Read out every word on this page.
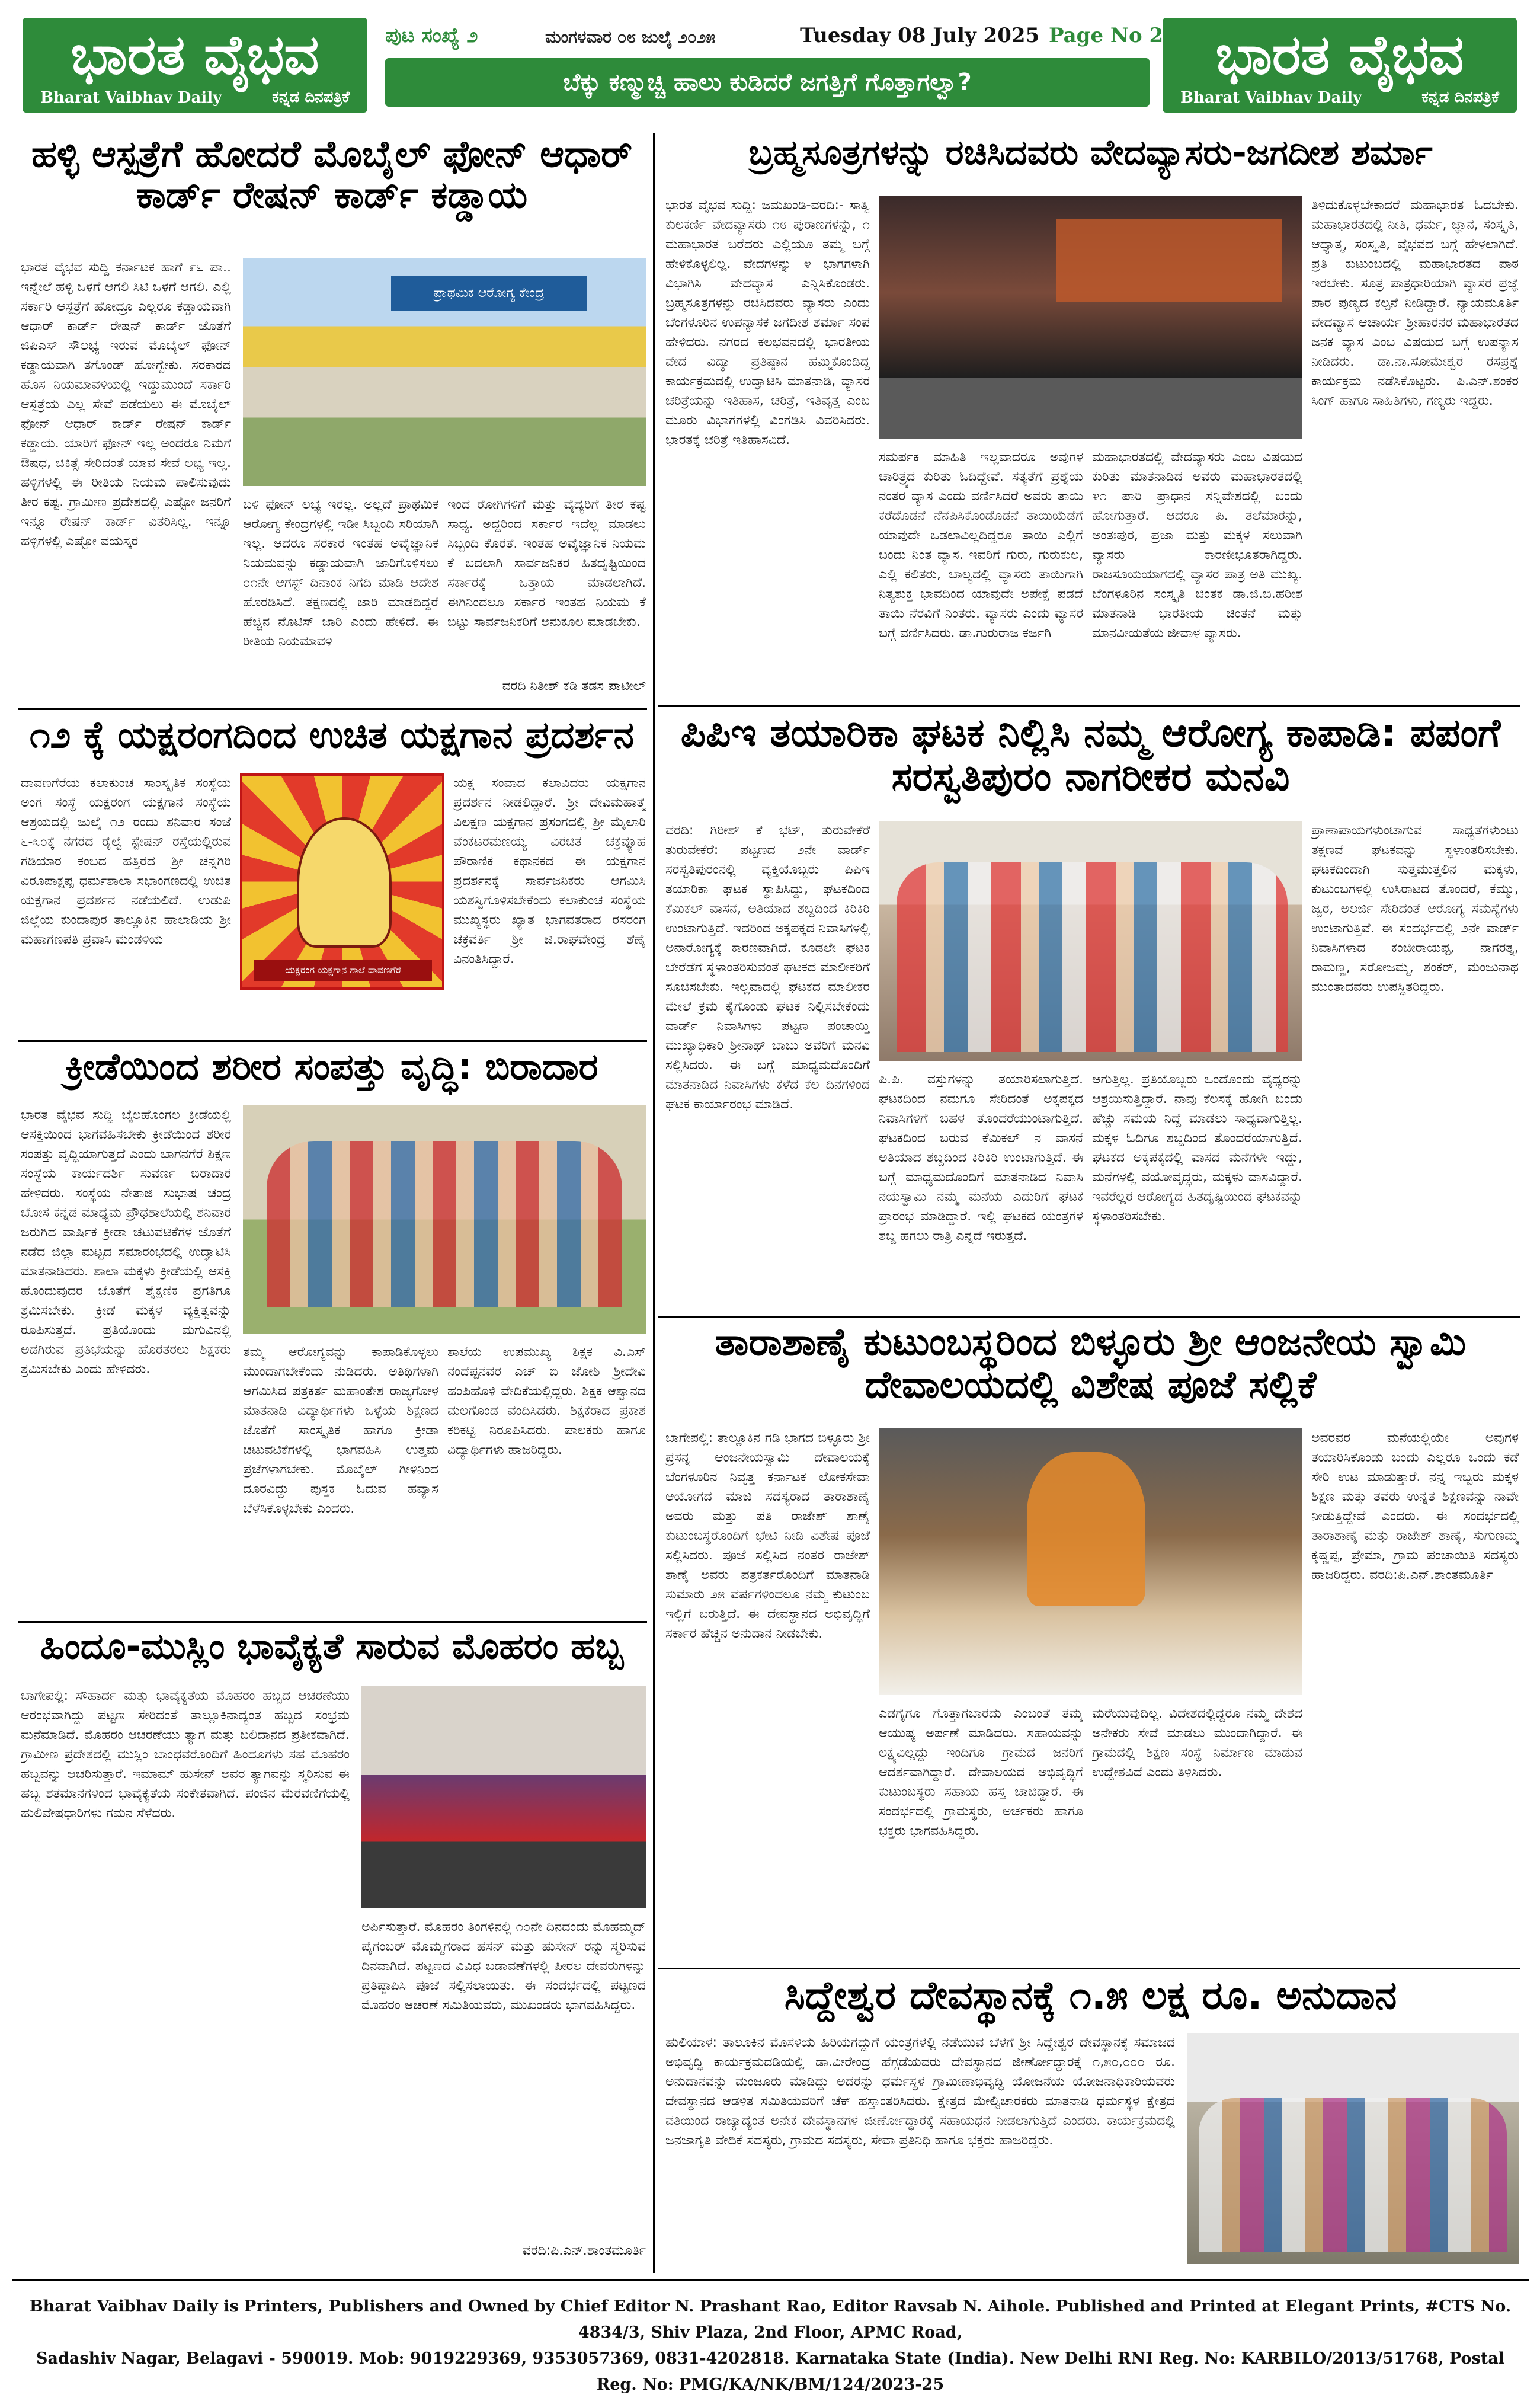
ಭಾರತ ವೈಭವ
Bharat Vaibhav Daily	ಕನ್ನಡ ದಿನಪತ್ರಿಕೆ
ಭಾರತ ವೈಭವ
Bharat Vaibhav Daily	ಕನ್ನಡ ದಿನಪತ್ರಿಕೆ
ಪುಟ ಸಂಖ್ಯೆ ೨	ಮಂಗಳವಾರ ೦೮ ಜುಲೈ ೨೦೨೫	Tuesday 08 July 2025 Page No 2
ಬೆಕ್ಕು ಕಣ್ಮುಚ್ಚಿ ಹಾಲು ಕುಡಿದರೆ ಜಗತ್ತಿಗೆ ಗೊತ್ತಾಗಲ್ವಾ?
ಹಳ್ಳಿ ಆಸ್ಪತ್ರೆಗೆ ಹೋದರೆ ಮೊಬೈಲ್ ಫೋನ್ ಆಧಾರ್ ಕಾರ್ಡ್ ರೇಷನ್ ಕಾರ್ಡ್ ಕಡ್ಡಾಯ
ಭಾರತ ವೈಭವ ಸುದ್ದಿ ಕರ್ನಾಟಕ ಹಾಗೆ ೯೬ ಪಾ.. ಇನ್ನೇಲೆ ಹಳ್ಳಿ ಒಳಗೆ ಆಗಲಿ ಸಿಟಿ ಒಳಗೆ ಆಗಲಿ. ಎಲ್ಲಿ ಸರ್ಕಾರಿ ಆಸ್ಪತ್ರೆಗೆ ಹೋದ್ರೂ ಎಲ್ಲರೂ ಕಡ್ಡಾಯವಾಗಿ ಆಧಾರ್ ಕಾರ್ಡ್ ರೇಷನ್ ಕಾರ್ಡ್ ಜೊತೆಗೆ ಜಿಪಿಎಸ್ ಸೌಲಭ್ಯ ಇರುವ ಮೊಬೈಲ್ ಫೋನ್ ಕಡ್ಡಾಯವಾಗಿ ತಗೊಂಡ್ ಹೋಗ್ಬೇಕು. ಸರಕಾರದ ಹೊಸ ನಿಯಮಾವಳಿಯಲ್ಲಿ ಇದ್ದುಮುಂದೆ ಸರ್ಕಾರಿ ಆಸ್ಪತ್ರೆಯ ಎಲ್ಲ ಸೇವೆ ಪಡೆಯಲು ಈ ಮೊಬೈಲ್ ಫೋನ್ ಆಧಾರ್ ಕಾರ್ಡ್ ರೇಷನ್ ಕಾರ್ಡ್ ಕಡ್ಡಾಯ. ಯಾರಿಗೆ ಫೋನ್ ಇಲ್ಲ ಅಂದರೂ ನಿಮಗೆ ಔಷಧ, ಚಿಕಿತ್ಸೆ ಸೇರಿದಂತೆ ಯಾವ ಸೇವೆ ಲಭ್ಯ ಇಲ್ಲ. ಹಳ್ಳಿಗಳಲ್ಲಿ ಈ ರೀತಿಯ ನಿಯಮ ಪಾಲಿಸುವುದು ತೀರ ಕಷ್ಟ. ಗ್ರಾಮೀಣ ಪ್ರದೇಶದಲ್ಲಿ ಎಷ್ಟೋ ಜನರಿಗೆ ಇನ್ನೂ ರೇಷನ್ ಕಾರ್ಡ್ ವಿತರಿಸಿಲ್ಲ. ಇನ್ನೂ ಹಳ್ಳಿಗಳಲ್ಲಿ ಎಷ್ಟೋ ವಯಸ್ಕರ
ಪ್ರಾಥಮಿಕ ಆರೋಗ್ಯ ಕೇಂದ್ರ
ಬಳಿ ಫೋನ್ ಲಭ್ಯ ಇರಲ್ಲ. ಅಲ್ಲದೆ ಪ್ರಾಥಮಿಕ ಆರೋಗ್ಯ ಕೇಂದ್ರಗಳಲ್ಲಿ ಇಡೀ ಸಿಬ್ಬಂದಿ ಸರಿಯಾಗಿ ಇಲ್ಲ. ಆದರೂ ಸರಕಾರ ಇಂತಹ ಅವೈಜ್ಞಾನಿಕ ನಿಯಮವನ್ನು ಕಡ್ಡಾಯವಾಗಿ ಜಾರಿಗೊಳಿಸಲು ೦೧ನೇ ಆಗಸ್ಟ್ ದಿನಾಂಕ ನಿಗದಿ ಮಾಡಿ ಆದೇಶ ಹೊರಡಿಸಿದೆ. ತಕ್ಷಣದಲ್ಲಿ ಜಾರಿ ಮಾಡದಿದ್ದರೆ ಹೆಚ್ಚಿನ ನೊಟಿಸ್ ಜಾರಿ ಎಂದು ಹೇಳಿದೆ. ಈ ರೀತಿಯ ನಿಯಮಾವಳಿ
ಇಂದ ರೋಗಿಗಳಿಗೆ ಮತ್ತು ವೈದ್ಯರಿಗೆ ತೀರ ಕಷ್ಟ ಸಾಧ್ಯ. ಅದ್ದರಿಂದ ಸರ್ಕಾರ ಇದೆಲ್ಲ ಮಾಡಲು ಸಿಬ್ಬಂದಿ ಕೊರತೆ. ಇಂತಹ ಅವೈಜ್ಞಾನಿಕ ನಿಯಮ ಕೆ ಬದಲಾಗಿ ಸಾರ್ವಜನಿಕರ ಹಿತದೃಷ್ಟಿಯಿಂದ ಸರ್ಕಾರಕ್ಕೆ ಒತ್ತಾಯ ಮಾಡಲಾಗಿದೆ. ಈಗಿನಿಂದಲೂ ಸರ್ಕಾರ ಇಂತಹ ನಿಯಮ ಕೆ ಬಿಟ್ಟು ಸಾರ್ವಜನಿಕರಿಗೆ ಅನುಕೂಲ ಮಾಡಬೇಕು.
ವರದಿ ನಿತೀಶ್ ಕಡಿ ತಡಸ ಪಾಟೀಲ್
೧೨ ಕ್ಕೆ ಯಕ್ಷರಂಗದಿಂದ ಉಚಿತ ಯಕ್ಷಗಾನ ಪ್ರದರ್ಶನ
ದಾವಣಗೆರೆಯ ಕಲಾಕುಂಚ ಸಾಂಸ್ಕೃತಿಕ ಸಂಸ್ಥೆಯ ಅಂಗ ಸಂಸ್ಥೆ ಯಕ್ಷರಂಗ ಯಕ್ಷಗಾನ ಸಂಸ್ಥೆಯ ಆಶ್ರಯದಲ್ಲಿ ಜುಲೈ ೧೨ ರಂದು ಶನಿವಾರ ಸಂಜೆ ೬-೩೦ಕ್ಕೆ ನಗರದ ರೈಲ್ವೆ ಸ್ಟೇಷನ್ ರಸ್ತೆಯಲ್ಲಿರುವ ಗಡಿಯಾರ ಕಂಬದ ಹತ್ತಿರದ ಶ್ರೀ ಚನ್ನಗಿರಿ ವಿರೂಪಾಕ್ಷಪ್ಪ ಧರ್ಮಶಾಲಾ ಸಭಾಂಗಣದಲ್ಲಿ ಉಚಿತ ಯಕ್ಷಗಾನ ಪ್ರದರ್ಶನ ನಡೆಯಲಿದೆ. ಉಡುಪಿ ಜಿಲ್ಲೆಯ ಕುಂದಾಪುರ ತಾಲ್ಲೂಕಿನ ಹಾಲಾಡಿಯ ಶ್ರೀ ಮಹಾಗಣಪತಿ ಪ್ರವಾಸಿ ಮಂಡಳಿಯ
ಯಕ್ಷರಂಗ ಯಕ್ಷಗಾನ ಶಾಲೆ ದಾವಣಗೆರೆ
ಯಕ್ಷ ಸಂವಾದ ಕಲಾವಿದರು ಯಕ್ಷಗಾನ ಪ್ರದರ್ಶನ ನೀಡಲಿದ್ದಾರೆ. ಶ್ರೀ ದೇವಿಮಹಾತ್ಮೆ ವಿಲಕ್ಷಣ ಯಕ್ಷಗಾನ ಪ್ರಸಂಗದಲ್ಲಿ ಶ್ರೀ ಮೈಲಾರಿ ವೆಂಕಟರಮಣಯ್ಯ ವಿರಚಿತ ಚಕ್ರವ್ಯೂಹ ಪೌರಾಣಿಕ ಕಥಾನಕದ ಈ ಯಕ್ಷಗಾನ ಪ್ರದರ್ಶನಕ್ಕೆ ಸಾರ್ವಜನಿಕರು ಆಗಮಿಸಿ ಯಶಸ್ವಿಗೊಳಿಸಬೇಕೆಂದು ಕಲಾಕುಂಚ ಸಂಸ್ಥೆಯ ಮುಖ್ಯಸ್ಥರು ಖ್ಯಾತ ಭಾಗವತರಾದ ರಸರಂಗ ಚಕ್ರವರ್ತಿ ಶ್ರೀ ಜಿ.ರಾಘವೇಂದ್ರ ಶೆಣೈ ವಿನಂತಿಸಿದ್ದಾರೆ.
ಕ್ರೀಡೆಯಿಂದ ಶರೀರ ಸಂಪತ್ತು ವೃದ್ಧಿ: ಬಿರಾದಾರ
ಭಾರತ ವೈಭವ ಸುದ್ದಿ ಬೈಲಹೊಂಗಲ ಕ್ರೀಡೆಯಲ್ಲಿ ಆಸಕ್ತಿಯಿಂದ ಭಾಗವಹಿಸಬೇಕು ಕ್ರೀಡೆಯಿಂದ ಶರೀರ ಸಂಪತ್ತು ವೃದ್ಧಿಯಾಗುತ್ತದೆ ಎಂದು ಬಾಗನಗೆರೆ ಶಿಕ್ಷಣ ಸಂಸ್ಥೆಯ ಕಾರ್ಯದರ್ಶಿ ಸುವರ್ಣ ಬಿರಾದಾರ ಹೇಳಿದರು. ಸಂಸ್ಥೆಯ ನೇತಾಜಿ ಸುಭಾಷ ಚಂದ್ರ ಬೋಸ ಕನ್ನಡ ಮಾಧ್ಯಮ ಪ್ರೌಢಶಾಲೆಯಲ್ಲಿ ಶನಿವಾರ ಜರುಗಿದ ವಾರ್ಷಿಕ ಕ್ರೀಡಾ ಚಟುವಟಿಕೆಗಳ ಜೊತೆಗೆ ನಡೆದ ಜಿಲ್ಲಾ ಮಟ್ಟದ ಸಮಾರಂಭದಲ್ಲಿ ಉದ್ಘಾಟಿಸಿ ಮಾತನಾಡಿದರು. ಶಾಲಾ ಮಕ್ಕಳು ಕ್ರೀಡೆಯಲ್ಲಿ ಆಸಕ್ತಿ ಹೊಂದುವುದರ ಜೊತೆಗೆ ಶೈಕ್ಷಣಿಕ ಪ್ರಗತಿಗೂ ಶ್ರಮಿಸಬೇಕು. ಕ್ರೀಡೆ ಮಕ್ಕಳ ವ್ಯಕ್ತಿತ್ವವನ್ನು ರೂಪಿಸುತ್ತದೆ. ಪ್ರತಿಯೊಂದು ಮಗುವಿನಲ್ಲಿ ಅಡಗಿರುವ ಪ್ರತಿಭೆಯನ್ನು ಹೊರತರಲು ಶಿಕ್ಷಕರು ಶ್ರಮಿಸಬೇಕು ಎಂದು ಹೇಳಿದರು.
ತಮ್ಮ ಆರೋಗ್ಯವನ್ನು ಕಾಪಾಡಿಕೊಳ್ಳಲು ಮುಂದಾಗಬೇಕೆಂದು ನುಡಿದರು. ಅತಿಥಿಗಳಾಗಿ ಆಗಮಿಸಿದ ಪತ್ರಕರ್ತ ಮಹಾಂತೇಶ ರಾಜ್ಯಗೋಳ ಮಾತನಾಡಿ ವಿದ್ಯಾರ್ಥಿಗಳು ಒಳ್ಳೆಯ ಶಿಕ್ಷಣದ ಜೊತೆಗೆ ಸಾಂಸ್ಕೃತಿಕ ಹಾಗೂ ಕ್ರೀಡಾ ಚಟುವಟಿಕೆಗಳಲ್ಲಿ ಭಾಗವಹಿಸಿ ಉತ್ತಮ ಪ್ರಜೆಗಳಾಗಬೇಕು. ಮೊಬೈಲ್ ಗೀಳಿನಿಂದ ದೂರವಿದ್ದು ಪುಸ್ತಕ ಓದುವ ಹವ್ಯಾಸ ಬೆಳೆಸಿಕೊಳ್ಳಬೇಕು ಎಂದರು.
ಶಾಲೆಯ ಉಪಮುಖ್ಯ ಶಿಕ್ಷಕ ವಿ.ಎಸ್ ನಂದೆಪ್ಪನವರ ಎಚ್ ಬಿ ಜೋಶಿ ಶ್ರೀದೇವಿ ಹಂಪಿಹೊಳಿ ವೇದಿಕೆಯಲ್ಲಿದ್ದರು. ಶಿಕ್ಷಕ ಆಶ್ವಾನದ ಮಲಗೊಂಡ ವಂದಿಸಿದರು. ಶಿಕ್ಷಕರಾದ ಪ್ರಕಾಶ ಕರಿಕಟ್ಟಿ ನಿರೂಪಿಸಿದರು. ಪಾಲಕರು ಹಾಗೂ ವಿದ್ಯಾರ್ಥಿಗಳು ಹಾಜರಿದ್ದರು.
ಹಿಂದೂ-ಮುಸ್ಲಿಂ ಭಾವೈಕ್ಯತೆ ಸಾರುವ ಮೊಹರಂ ಹಬ್ಬ
ಬಾಗೇಪಲ್ಲಿ: ಸೌಹಾರ್ದ ಮತ್ತು ಭಾವೈಕ್ಯತೆಯ ಮೊಹರಂ ಹಬ್ಬದ ಆಚರಣೆಯು ಆರಂಭವಾಗಿದ್ದು ಪಟ್ಟಣ ಸೇರಿದಂತೆ ತಾಲ್ಲೂಕಿನಾದ್ಯಂತ ಹಬ್ಬದ ಸಂಭ್ರಮ ಮನೆಮಾಡಿದೆ. ಮೊಹರಂ ಆಚರಣೆಯು ತ್ಯಾಗ ಮತ್ತು ಬಲಿದಾನದ ಪ್ರತೀಕವಾಗಿದೆ. ಗ್ರಾಮೀಣ ಪ್ರದೇಶದಲ್ಲಿ ಮುಸ್ಲಿಂ ಬಾಂಧವರೊಂದಿಗೆ ಹಿಂದೂಗಳು ಸಹ ಮೊಹರಂ ಹಬ್ಬವನ್ನು ಆಚರಿಸುತ್ತಾರೆ. ಇಮಾಮ್ ಹುಸೇನ್ ಅವರ ತ್ಯಾಗವನ್ನು ಸ್ಮರಿಸುವ ಈ ಹಬ್ಬ ಶತಮಾನಗಳಿಂದ ಭಾವೈಕ್ಯತೆಯ ಸಂಕೇತವಾಗಿದೆ. ಪಂಜಿನ ಮೆರವಣಿಗೆಯಲ್ಲಿ ಹುಲಿವೇಷಧಾರಿಗಳು ಗಮನ ಸೆಳೆದರು.
ಅರ್ಪಿಸುತ್ತಾರೆ. ಮೊಹರಂ ತಿಂಗಳಿನಲ್ಲಿ ೧೦ನೇ ದಿನದಂದು ಮೊಹಮ್ಮದ್ ಪೈಗಂಬರ್ ಮೊಮ್ಮಗರಾದ ಹಸನ್ ಮತ್ತು ಹುಸೇನ್ ರನ್ನು ಸ್ಮರಿಸುವ ದಿನವಾಗಿದೆ. ಪಟ್ಟಣದ ವಿವಿಧ ಬಡಾವಣೆಗಳಲ್ಲಿ ಪೀರಲ ದೇವರುಗಳನ್ನು ಪ್ರತಿಷ್ಠಾಪಿಸಿ ಪೂಜೆ ಸಲ್ಲಿಸಲಾಯಿತು. ಈ ಸಂದರ್ಭದಲ್ಲಿ ಪಟ್ಟಣದ ಮೊಹರಂ ಆಚರಣೆ ಸಮಿತಿಯವರು, ಮುಖಂಡರು ಭಾಗವಹಿಸಿದ್ದರು.
ವರದಿ:ಪಿ.ಎನ್.ಶಾಂತಮೂರ್ತಿ
ಬ್ರಹ್ಮಸೂತ್ರಗಳನ್ನು ರಚಿಸಿದವರು ವೇದವ್ಯಾಸರು-ಜಗದೀಶ ಶರ್ಮಾ
ಭಾರತ ವೈಭವ ಸುದ್ದಿ: ಜಮಖಂಡಿ-ವರದಿ:- ಸಾತ್ವಿ ಕುಲಕರ್ಣಿ ವೇದವ್ಯಾಸರು ೧೮ ಪುರಾಣಗಳನ್ನು, ೧ ಮಹಾಭಾರತ ಬರೆದರು ಎಲ್ಲಿಯೂ ತಮ್ಮ ಬಗ್ಗೆ ಹೇಳಿಕೊಳ್ಳಲಿಲ್ಲ. ವೇದಗಳನ್ನು ೪ ಭಾಗಗಳಾಗಿ ವಿಭಾಗಿಸಿ ವೇದವ್ಯಾಸ ಎನ್ನಿಸಿಕೊಂಡರು. ಬ್ರಹ್ಮಸೂತ್ರಗಳನ್ನು ರಚಿಸಿದವರು ವ್ಯಾಸರು ಎಂದು ಬೆಂಗಳೂರಿನ ಉಪನ್ಯಾಸಕ ಜಗದೀಶ ಶರ್ಮಾ ಸಂಪ ಹೇಳಿದರು. ನಗರದ ಕಲಭವನದಲ್ಲಿ ಭಾರತೀಯ ವೇದ ವಿದ್ಯಾ ಪ್ರತಿಷ್ಠಾನ ಹಮ್ಮಿಕೊಂಡಿದ್ದ ಕಾರ್ಯಕ್ರಮದಲ್ಲಿ ಉದ್ಘಾಟಿಸಿ ಮಾತನಾಡಿ, ವ್ಯಾಸರ ಚರಿತ್ರೆಯನ್ನು ಇತಿಹಾಸ, ಚರಿತ್ರೆ, ಇತಿವೃತ್ತ ಎಂಬ ಮೂರು ವಿಭಾಗಗಳಲ್ಲಿ ವಿಂಗಡಿಸಿ ವಿವರಿಸಿದರು. ಭಾರತಕ್ಕೆ ಚರಿತ್ರೆ ಇತಿಹಾಸವಿದೆ.
ಸಮರ್ಪಕ ಮಾಹಿತಿ ಇಲ್ಲವಾದರೂ ಅವುಗಳ ಚಾರಿತ್ರ್ಯದ ಕುರಿತು ಓದಿದ್ದೇವೆ. ಸತ್ಯತೆಗೆ ಪ್ರಶ್ನೆಯ ನಂತರ ವ್ಯಾಸ ಎಂದು ವರ್ಣಿಸಿದರೆ ಅವರು ತಾಯಿ ಕರೆದೊಡನೆ ನೆನೆಪಿಸಿಕೊಂಡೊಡನೆ ತಾಯಿಯೆಡೆಗೆ ಯಾವುದೇ ಒಡಲಾವಿಲ್ಲದಿದ್ದರೂ ತಾಯಿ ಎಲ್ಲಿಗೆ ಬಂದು ನಿಂತ ವ್ಯಾಸ. ಇವರಿಗೆ ಗುರು, ಗುರುಕುಲ, ಎಲ್ಲಿ ಕಲಿತರು, ಬಾಲ್ಯದಲ್ಲಿ ವ್ಯಾಸರು ತಾಯಿಗಾಗಿ ನಿತ್ಯಶುಕ್ತ ಭಾವದಿಂದ ಯಾವುದೇ ಅಪೇಕ್ಷೆ ಪಡದೆ ತಾಯಿ ನೆರವಿಗೆ ನಿಂತರು. ವ್ಯಾಸರು ಎಂದು ವ್ಯಾಸರ ಬಗ್ಗೆ ವರ್ಣಿಸಿದರು. ಡಾ.ಗುರುರಾಜ ಕರ್ಜಗಿ
ಮಹಾಭಾರತದಲ್ಲಿ ವೇದವ್ಯಾಸರು ಎಂಬ ವಿಷಯದ ಕುರಿತು ಮಾತನಾಡಿದ ಅವರು ಮಹಾಭಾರತದಲ್ಲಿ ೪೧ ಪಾರಿ ಪ್ರಾಧಾನ ಸನ್ನಿವೇಶದಲ್ಲಿ ಬಂದು ಹೋಗುತ್ತಾರೆ. ಆದರೂ ಪಿ. ತಲೆಮಾರನ್ನು, ಅಂತಃಪುರ, ಪ್ರಜಾ ಮತ್ತು ಮಕ್ಕಳ ಸಲುವಾಗಿ ವ್ಯಾಸರು ಕಾರಣೀಭೂತರಾಗಿದ್ದರು. ರಾಜಸೂಯಯಾಗದಲ್ಲಿ ವ್ಯಾಸರ ಪಾತ್ರ ಅತಿ ಮುಖ್ಯ. ಬೆಂಗಳೂರಿನ ಸಂಸ್ಕೃತಿ ಚಿಂತಕ ಡಾ.ಜಿ.ಬಿ.ಹರೀಶ ಮಾತನಾಡಿ ಭಾರತೀಯ ಚಿಂತನೆ ಮತ್ತು ಮಾನವೀಯತೆಯ ಜೀವಾಳ ವ್ಯಾಸರು.
ತಿಳಿದುಕೊಳ್ಳಬೇಕಾದರೆ ಮಹಾಭಾರತ ಓದಬೇಕು. ಮಹಾಭಾರತದಲ್ಲಿ ನೀತಿ, ಧರ್ಮ, ಜ್ಞಾನ, ಸಂಸ್ಕೃತಿ, ಆಧ್ಯಾತ್ಮ, ಸಂಸ್ಕೃತಿ, ವೈಭವದ ಬಗ್ಗೆ ಹೇಳಲಾಗಿದೆ. ಪ್ರತಿ ಕುಟುಂಬದಲ್ಲಿ ಮಹಾಭಾರತದ ಪಾಠ ಇರಬೇಕು. ಸೂತ್ರ ಪಾತ್ರಧಾರಿಯಾಗಿ ವ್ಯಾಸರ ಪ್ರಜ್ಞೆ ಪಾರ ಪುಣ್ಯದ ಕಲ್ಪನೆ ನೀಡಿದ್ದಾರೆ. ನ್ಯಾಯಮೂರ್ತಿ ವೇದವ್ಯಾಸ ಆಚಾರ್ಯ ಶ್ರೀಹಾರನರ ಮಹಾಭಾರತದ ಜನಕ ವ್ಯಾಸ ಎಂಬ ವಿಷಯದ ಬಗ್ಗೆ ಉಪನ್ಯಾಸ ನೀಡಿದರು. ಡಾ.ನಾ.ಸೋಮೇಶ್ವರ ರಸಪ್ರಶ್ನೆ ಕಾರ್ಯಕ್ರಮ ನಡೆಸಿಕೊಟ್ಟರು. ಪಿ.ಎನ್.ಶಂಕರ ಸಿಂಗ್ ಹಾಗೂ ಸಾಹಿತಿಗಳು, ಗಣ್ಯರು ಇದ್ದರು.
ಪಿಪಿಇ ತಯಾರಿಕಾ ಘಟಕ ನಿಲ್ಲಿಸಿ ನಮ್ಮ ಆರೋಗ್ಯ ಕಾಪಾಡಿ: ಪಪಂಗೆ ಸರಸ್ವತಿಪುರಂ ನಾಗರೀಕರ ಮನವಿ
ವರದಿ: ಗಿರೀಶ್ ಕೆ ಭಟ್, ತುರುವೇಕೆರೆ ತುರುವೇಕೆರೆ: ಪಟ್ಟಣದ ೨ನೇ ವಾರ್ಡ್ ಸರಸ್ವತಿಪುರಂನಲ್ಲಿ ವ್ಯಕ್ತಿಯೊಬ್ಬರು ಪಿಪಿಇ ತಯಾರಿಕಾ ಘಟಕ ಸ್ಥಾಪಿಸಿದ್ದು, ಘಟಕದಿಂದ ಕೆಮಿಕಲ್ ವಾಸನೆ, ಅತಿಯಾದ ಶಬ್ದದಿಂದ ಕಿರಿಕಿರಿ ಉಂಟಾಗುತ್ತಿದೆ. ಇದರಿಂದ ಅಕ್ಕಪಕ್ಕದ ನಿವಾಸಿಗಳಲ್ಲಿ ಅನಾರೋಗ್ಯಕ್ಕೆ ಕಾರಣವಾಗಿದೆ. ಕೂಡಲೇ ಘಟಕ ಬೇರೆಡೆಗೆ ಸ್ಥಳಾಂತರಿಸುವಂತೆ ಘಟಕದ ಮಾಲೀಕರಿಗೆ ಸೂಚಿಸಬೇಕು. ಇಲ್ಲವಾದಲ್ಲಿ ಘಟಕದ ಮಾಲೀಕರ ಮೇಲೆ ಕ್ರಮ ಕೈಗೊಂಡು ಘಟಕ ನಿಲ್ಲಿಸಬೇಕೆಂದು ವಾರ್ಡ್ ನಿವಾಸಿಗಳು ಪಟ್ಟಣ ಪಂಚಾಯ್ತಿ ಮುಖ್ಯಾಧಿಕಾರಿ ಶ್ರೀನಾಥ್ ಬಾಬು ಅವರಿಗೆ ಮನವಿ ಸಲ್ಲಿಸಿದರು. ಈ ಬಗ್ಗೆ ಮಾಧ್ಯಮದೊಂದಿಗೆ ಮಾತನಾಡಿದ ನಿವಾಸಿಗಳು ಕಳೆದ ಕೆಲ ದಿನಗಳಿಂದ ಘಟಕ ಕಾರ್ಯಾರಂಭ ಮಾಡಿದೆ.
ಪಿ.ಪಿ. ವಸ್ತುಗಳನ್ನು ತಯಾರಿಸಲಾಗುತ್ತಿದೆ. ಘಟಕದಿಂದ ನಮಗೂ ಸೇರಿದಂತೆ ಅಕ್ಕಪಕ್ಕದ ನಿವಾಸಿಗಳಿಗೆ ಬಹಳ ತೊಂದರೆಯುಂಟಾಗುತ್ತಿದೆ. ಘಟಕದಿಂದ ಬರುವ ಕೆಮಿಕಲ್ ನ ವಾಸನೆ ಅತಿಯಾದ ಶಬ್ದದಿಂದ ಕಿರಿಕಿರಿ ಉಂಟಾಗುತ್ತಿದೆ. ಈ ಬಗ್ಗೆ ಮಾಧ್ಯಮದೊಂದಿಗೆ ಮಾತನಾಡಿದ ನಿವಾಸಿ ನಯಸ್ವಾಮಿ ನಮ್ಮ ಮನೆಯ ಎದುರಿಗೆ ಘಟಕ ಪ್ರಾರಂಭ ಮಾಡಿದ್ದಾರೆ. ಇಲ್ಲಿ ಘಟಕದ ಯಂತ್ರಗಳ ಶಬ್ದ ಹಗಲು ರಾತ್ರಿ ಎನ್ನದೆ ಇರುತ್ತದೆ.
ಆಗುತ್ತಿಲ್ಲ. ಪ್ರತಿಯೊಬ್ಬರು ಒಂದೊಂದು ವೈಧ್ಯರನ್ನು ಆಶ್ರಯಿಸುತ್ತಿದ್ದಾರೆ. ನಾವು ಕೆಲಸಕ್ಕೆ ಹೋಗಿ ಬಂದು ಹೆಚ್ಚು ಸಮಯ ನಿದ್ದೆ ಮಾಡಲು ಸಾಧ್ಯವಾಗುತ್ತಿಲ್ಲ. ಮಕ್ಕಳ ಓದಿಗೂ ಶಬ್ದದಿಂದ ತೊಂದರೆಯಾಗುತ್ತಿದೆ. ಘಟಕದ ಅಕ್ಕಪಕ್ಕದಲ್ಲಿ ವಾಸದ ಮನೆಗಳೇ ಇದ್ದು, ಮನೆಗಳಲ್ಲಿ ವಯೋವೃದ್ಧರು, ಮಕ್ಕಳು ವಾಸವಿದ್ದಾರೆ. ಇವರೆಲ್ಲರ ಆರೋಗ್ಯದ ಹಿತದೃಷ್ಟಿಯಿಂದ ಘಟಕವನ್ನು ಸ್ಥಳಾಂತರಿಸಬೇಕು.
ಪ್ರಾಣಾಪಾಯಗಳುಂಟಾಗುವ ಸಾಧ್ಯತೆಗಳುಂಟು ತಕ್ಷಣವೆ ಘಟಕವನ್ನು ಸ್ಥಳಾಂತರಿಸಬೇಕು. ಘಟಕದಿಂದಾಗಿ ಸುತ್ತಮುತ್ತಲಿನ ಮಕ್ಕಳು, ಕುಟುಂಬಗಳಲ್ಲಿ ಉಸಿರಾಟದ ತೊಂದರೆ, ಕೆಮ್ಮು, ಜ್ವರ, ಅಲರ್ಜಿ ಸೇರಿದಂತೆ ಆರೋಗ್ಯ ಸಮಸ್ಯೆಗಳು ಉಂಟಾಗುತ್ತಿವೆ. ಈ ಸಂದರ್ಭದಲ್ಲಿ ೨ನೇ ವಾರ್ಡ್ ನಿವಾಸಿಗಳಾದ ಕಂಚೀರಾಯಪ್ಪ, ನಾಗರತ್ನ, ರಾಮಣ್ಣ, ಸರೋಜಮ್ಮ, ಶಂಕರ್, ಮಂಜುನಾಥ ಮುಂತಾದವರು ಉಪಸ್ಥಿತರಿದ್ದರು.
ತಾರಾಶಾಣೈ ಕುಟುಂಬಸ್ಥರಿಂದ ಬಿಳ್ಳೂರು ಶ್ರೀ ಆಂಜನೇಯ ಸ್ವಾಮಿ ದೇವಾಲಯದಲ್ಲಿ ವಿಶೇಷ ಪೂಜೆ ಸಲ್ಲಿಕೆ
ಬಾಗೇಪಲ್ಲಿ: ತಾಲ್ಲೂಕಿನ ಗಡಿ ಭಾಗದ ಬಿಳ್ಳೂರು ಶ್ರೀ ಪ್ರಸನ್ನ ಆಂಜನೇಯಸ್ವಾಮಿ ದೇವಾಲಯಕ್ಕೆ ಬೆಂಗಳೂರಿನ ನಿವೃತ್ತ ಕರ್ನಾಟಕ ಲೋಕಸೇವಾ ಆಯೋಗದ ಮಾಜಿ ಸದಸ್ಯರಾದ ತಾರಾಶಾಣೈ ಅವರು ಮತ್ತು ಪತಿ ರಾಜೇಶ್ ಶಾಣೈ ಕುಟುಂಬಸ್ಥರೊಂದಿಗೆ ಭೇಟಿ ನೀಡಿ ವಿಶೇಷ ಪೂಜೆ ಸಲ್ಲಿಸಿದರು. ಪೂಜೆ ಸಲ್ಲಿಸಿದ ನಂತರ ರಾಜೇಶ್ ಶಾಣೈ ಅವರು ಪತ್ರಕರ್ತರೊಂದಿಗೆ ಮಾತನಾಡಿ ಸುಮಾರು ೨೫ ವರ್ಷಗಳಿಂದಲೂ ನಮ್ಮ ಕುಟುಂಬ ಇಲ್ಲಿಗೆ ಬರುತ್ತಿದೆ. ಈ ದೇವಸ್ಥಾನದ ಅಭಿವೃದ್ಧಿಗೆ ಸರ್ಕಾರ ಹೆಚ್ಚಿನ ಅನುದಾನ ನೀಡಬೇಕು.
ಎಡಗೈಗೂ ಗೊತ್ತಾಗಬಾರದು ಎಂಬಂತೆ ತಮ್ಮ ಆಯುಷ್ಯ ಅರ್ಪಣೆ ಮಾಡಿದರು. ಸಹಾಯವನ್ನು ಲಕ್ಷ್ಯವಿಲ್ಲದ್ದು ಇಂದಿಗೂ ಗ್ರಾಮದ ಜನರಿಗೆ ಆದರ್ಶವಾಗಿದ್ದಾರೆ. ದೇವಾಲಯದ ಅಭಿವೃದ್ಧಿಗೆ ಕುಟುಂಬಸ್ಥರು ಸಹಾಯ ಹಸ್ತ ಚಾಚಿದ್ದಾರೆ. ಈ ಸಂದರ್ಭದಲ್ಲಿ ಗ್ರಾಮಸ್ಥರು, ಅರ್ಚಕರು ಹಾಗೂ ಭಕ್ತರು ಭಾಗವಹಿಸಿದ್ದರು.
ಮರೆಯುವುದಿಲ್ಲ. ವಿದೇಶದಲ್ಲಿದ್ದರೂ ನಮ್ಮ ದೇಶದ ಅನೇಕರು ಸೇವೆ ಮಾಡಲು ಮುಂದಾಗಿದ್ದಾರೆ. ಈ ಗ್ರಾಮದಲ್ಲಿ ಶಿಕ್ಷಣ ಸಂಸ್ಥೆ ನಿರ್ಮಾಣ ಮಾಡುವ ಉದ್ದೇಶವಿದೆ ಎಂದು ತಿಳಿಸಿದರು.
ಅವರವರ ಮನೆಯಲ್ಲಿಯೇ ಅವುಗಳ ತಯಾರಿಸಿಕೊಂಡು ಬಂದು ಎಲ್ಲರೂ ಒಂದು ಕಡೆ ಸೇರಿ ಉಟ ಮಾಡುತ್ತಾರೆ. ನನ್ನ ಇಬ್ಬರು ಮಕ್ಕಳ ಶಿಕ್ಷಣ ಮತ್ತು ತವರು ಉನ್ನತ ಶಿಕ್ಷಣವನ್ನು ನಾವೇ ನೀಡುತ್ತಿದ್ದೇವೆ ಎಂದರು. ಈ ಸಂದರ್ಭದಲ್ಲಿ ತಾರಾಶಾಣೈ ಮತ್ತು ರಾಜೇಶ್ ಶಾಣೈ, ಸುಗುಣಮ್ಮ ಕೃಷ್ಣಪ್ಪ, ಪ್ರೇಮಾ, ಗ್ರಾಮ ಪಂಚಾಯಿತಿ ಸದಸ್ಯರು ಹಾಜರಿದ್ದರು. ವರದಿ:ಪಿ.ಎನ್.ಶಾಂತಮೂರ್ತಿ
ಸಿದ್ದೇಶ್ವರ ದೇವಸ್ಥಾನಕ್ಕೆ ೧.೫ ಲಕ್ಷ ರೂ. ಅನುದಾನ
ಹುಲಿಯಾಳ: ತಾಲೂಕಿನ ಮೊಸಳಿಯ ಹಿರಿಯಗದ್ದುಗೆ ಯಂತ್ರಗಳಲ್ಲಿ ನಡೆಯುವ ಬೆಳಗೆ ಶ್ರೀ ಸಿದ್ದೇಶ್ವರ ದೇವಸ್ಥಾನಕ್ಕೆ ಸಮಾಜದ ಅಭಿವೃದ್ಧಿ ಕಾರ್ಯಕ್ರಮದಡಿಯಲ್ಲಿ ಡಾ.ವೀರೇಂದ್ರ ಹೆಗ್ಗಡೆಯವರು ದೇವಸ್ಥಾನದ ಜೀರ್ಣೋದ್ಧಾರಕ್ಕೆ ೧,೫೦,೦೦೦ ರೂ. ಅನುದಾನವನ್ನು ಮಂಜೂರು ಮಾಡಿದ್ದು ಅದರನ್ನು ಧರ್ಮಸ್ಥಳ ಗ್ರಾಮೀಣಾಭಿವೃದ್ಧಿ ಯೋಜನೆಯ ಯೋಜನಾಧಿಕಾರಿಯವರು ದೇವಸ್ಥಾನದ ಆಡಳಿತ ಸಮಿತಿಯವರಿಗೆ ಚೆಕ್ ಹಸ್ತಾಂತರಿಸಿದರು. ಕ್ಷೇತ್ರದ ಮೇಲ್ವಿಚಾರಕರು ಮಾತನಾಡಿ ಧರ್ಮಸ್ಥಳ ಕ್ಷೇತ್ರದ ವತಿಯಿಂದ ರಾಜ್ಯಾದ್ಯಂತ ಅನೇಕ ದೇವಸ್ಥಾನಗಳ ಜೀರ್ಣೋದ್ಧಾರಕ್ಕೆ ಸಹಾಯಧನ ನೀಡಲಾಗುತ್ತಿದೆ ಎಂದರು. ಕಾರ್ಯಕ್ರಮದಲ್ಲಿ ಜನಜಾಗೃತಿ ವೇದಿಕೆ ಸದಸ್ಯರು, ಗ್ರಾಮದ ಸದಸ್ಯರು, ಸೇವಾ ಪ್ರತಿನಿಧಿ ಹಾಗೂ ಭಕ್ತರು ಹಾಜರಿದ್ದರು.
Bharat Vaibhav Daily is Printers, Publishers and Owned by Chief Editor N. Prashant Rao, Editor Ravsab N. Aihole. Published and Printed at Elegant Prints, #CTS No. 4834/3, Shiv Plaza, 2nd Floor, APMC Road,
Sadashiv Nagar, Belagavi - 590019. Mob: 9019229369, 9353057369, 0831-4202818. Karnataka State (India). New Delhi RNI Reg. No: KARBILO/2013/51768, Postal Reg. No: PMG/KA/NK/BM/124/2023-25
